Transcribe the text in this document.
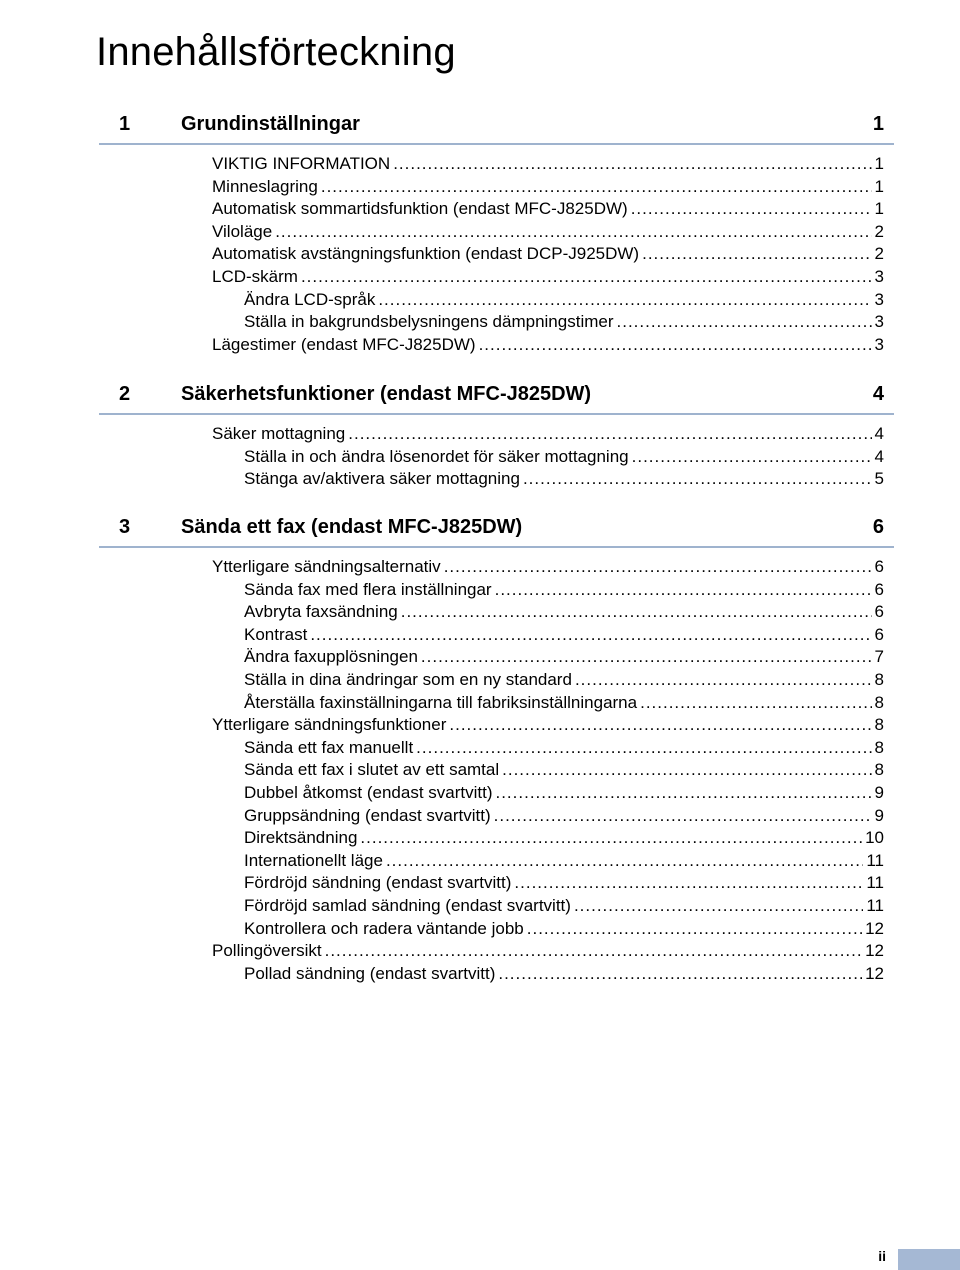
Innehållsförteckning
1	Grundinställningar	1
VIKTIG INFORMATION .....	1
Minneslagring .....	1
Automatisk sommartidsfunktion (endast MFC-J825DW) .....	1
Viloläge .....	2
Automatisk avstängningsfunktion (endast DCP-J925DW) .....	2
LCD-skärm .....	3
Ändra LCD-språk .....	3
Ställa in bakgrundsbelysningens dämpningstimer .....	3
Lägestimer (endast MFC-J825DW) .....	3
2	Säkerhetsfunktioner (endast MFC-J825DW)	4
Säker mottagning .....	4
Ställa in och ändra lösenordet för säker mottagning .....	4
Stänga av/aktivera säker mottagning .....	5
3	Sända ett fax (endast MFC-J825DW)	6
Ytterligare sändningsalternativ .....	6
Sända fax med flera inställningar .....	6
Avbryta faxsändning .....	6
Kontrast .....	6
Ändra faxupplösningen .....	7
Ställa in dina ändringar som en ny standard .....	8
Återställa faxinställningarna till fabriksinställningarna .....	8
Ytterligare sändningsfunktioner .....	8
Sända ett fax manuellt .....	8
Sända ett fax i slutet av ett samtal .....	8
Dubbel åtkomst (endast svartvitt) .....	9
Gruppsändning (endast svartvitt) .....	9
Direktsändning .....	10
Internationellt läge .....	11
Fördröjd sändning (endast svartvitt) .....	11
Fördröjd samlad sändning (endast svartvitt) .....	11
Kontrollera och radera väntande jobb .....	12
Pollingöversikt .....	12
Pollad sändning (endast svartvitt) .....	12
ii
